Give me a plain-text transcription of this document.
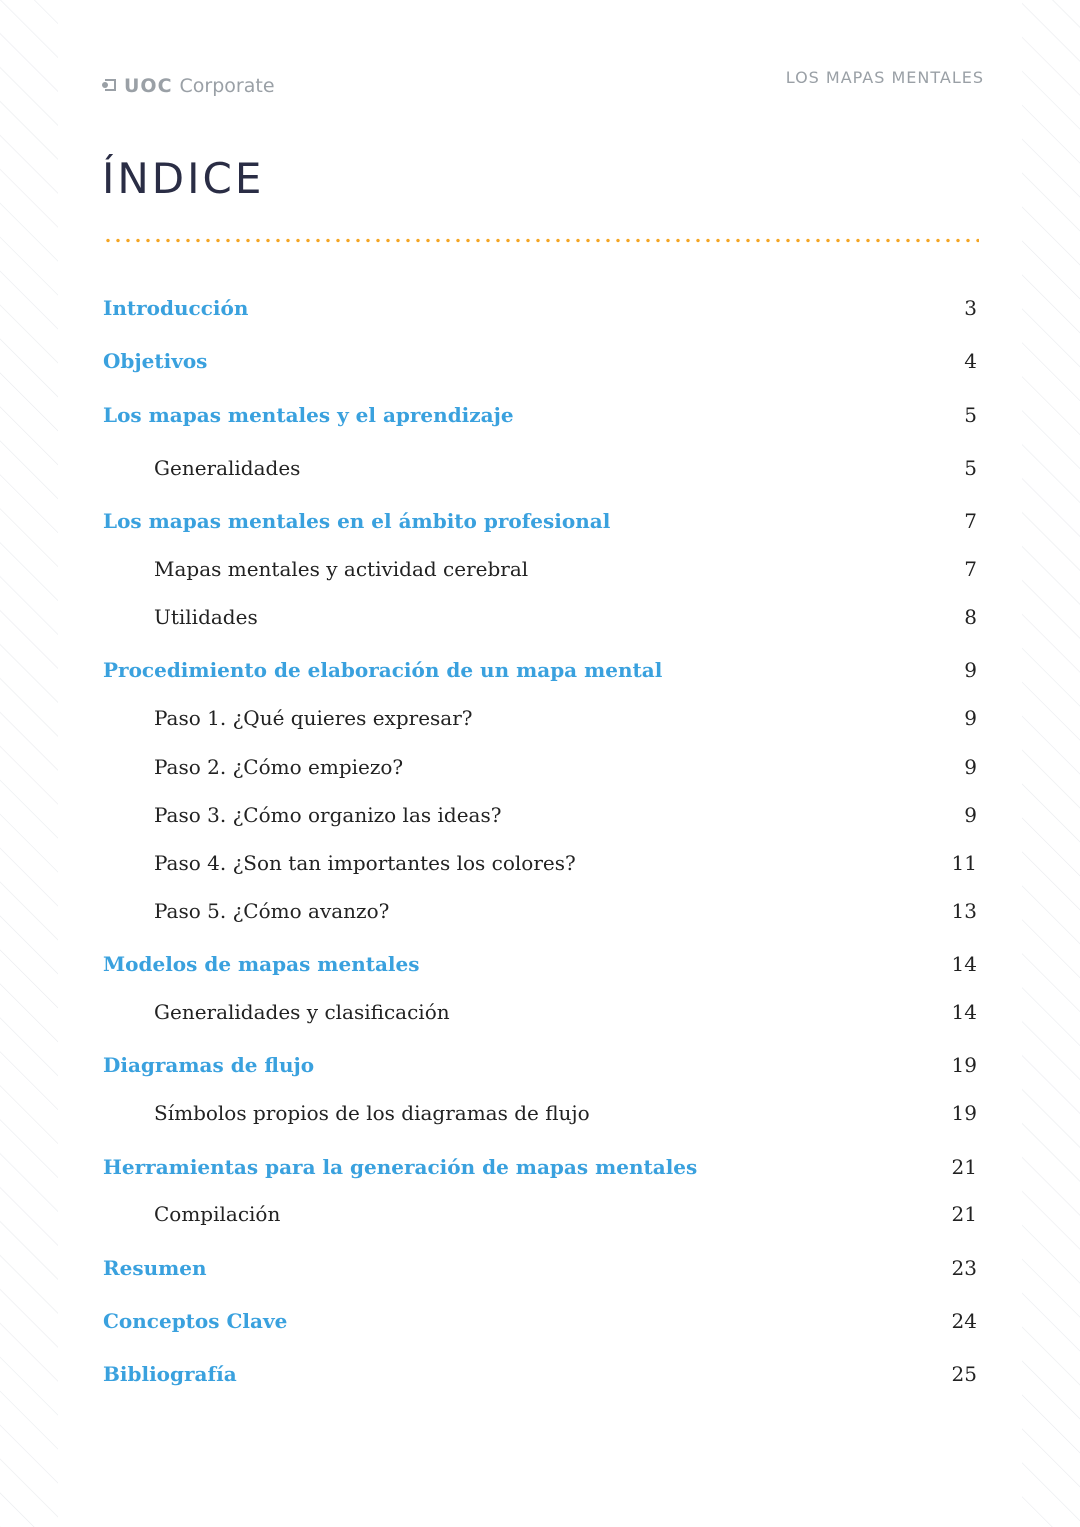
UOC Corporate	LOS MAPAS MENTALES
ÍNDICE
Introducción	3
Objetivos	4
Los mapas mentales y el aprendizaje	5
Generalidades	5
Los mapas mentales en el ámbito profesional	7
Mapas mentales y actividad cerebral	7
Utilidades	8
Procedimiento de elaboración de un mapa mental	9
Paso 1. ¿Qué quieres expresar?	9
Paso 2. ¿Cómo empiezo?	9
Paso 3. ¿Cómo organizo las ideas?	9
Paso 4. ¿Son tan importantes los colores?	11
Paso 5. ¿Cómo avanzo?	13
Modelos de mapas mentales	14
Generalidades y clasificación	14
Diagramas de flujo	19
Símbolos propios de los diagramas de flujo	19
Herramientas para la generación de mapas mentales	21
Compilación	21
Resumen	23
Conceptos Clave	24
Bibliografía	25
